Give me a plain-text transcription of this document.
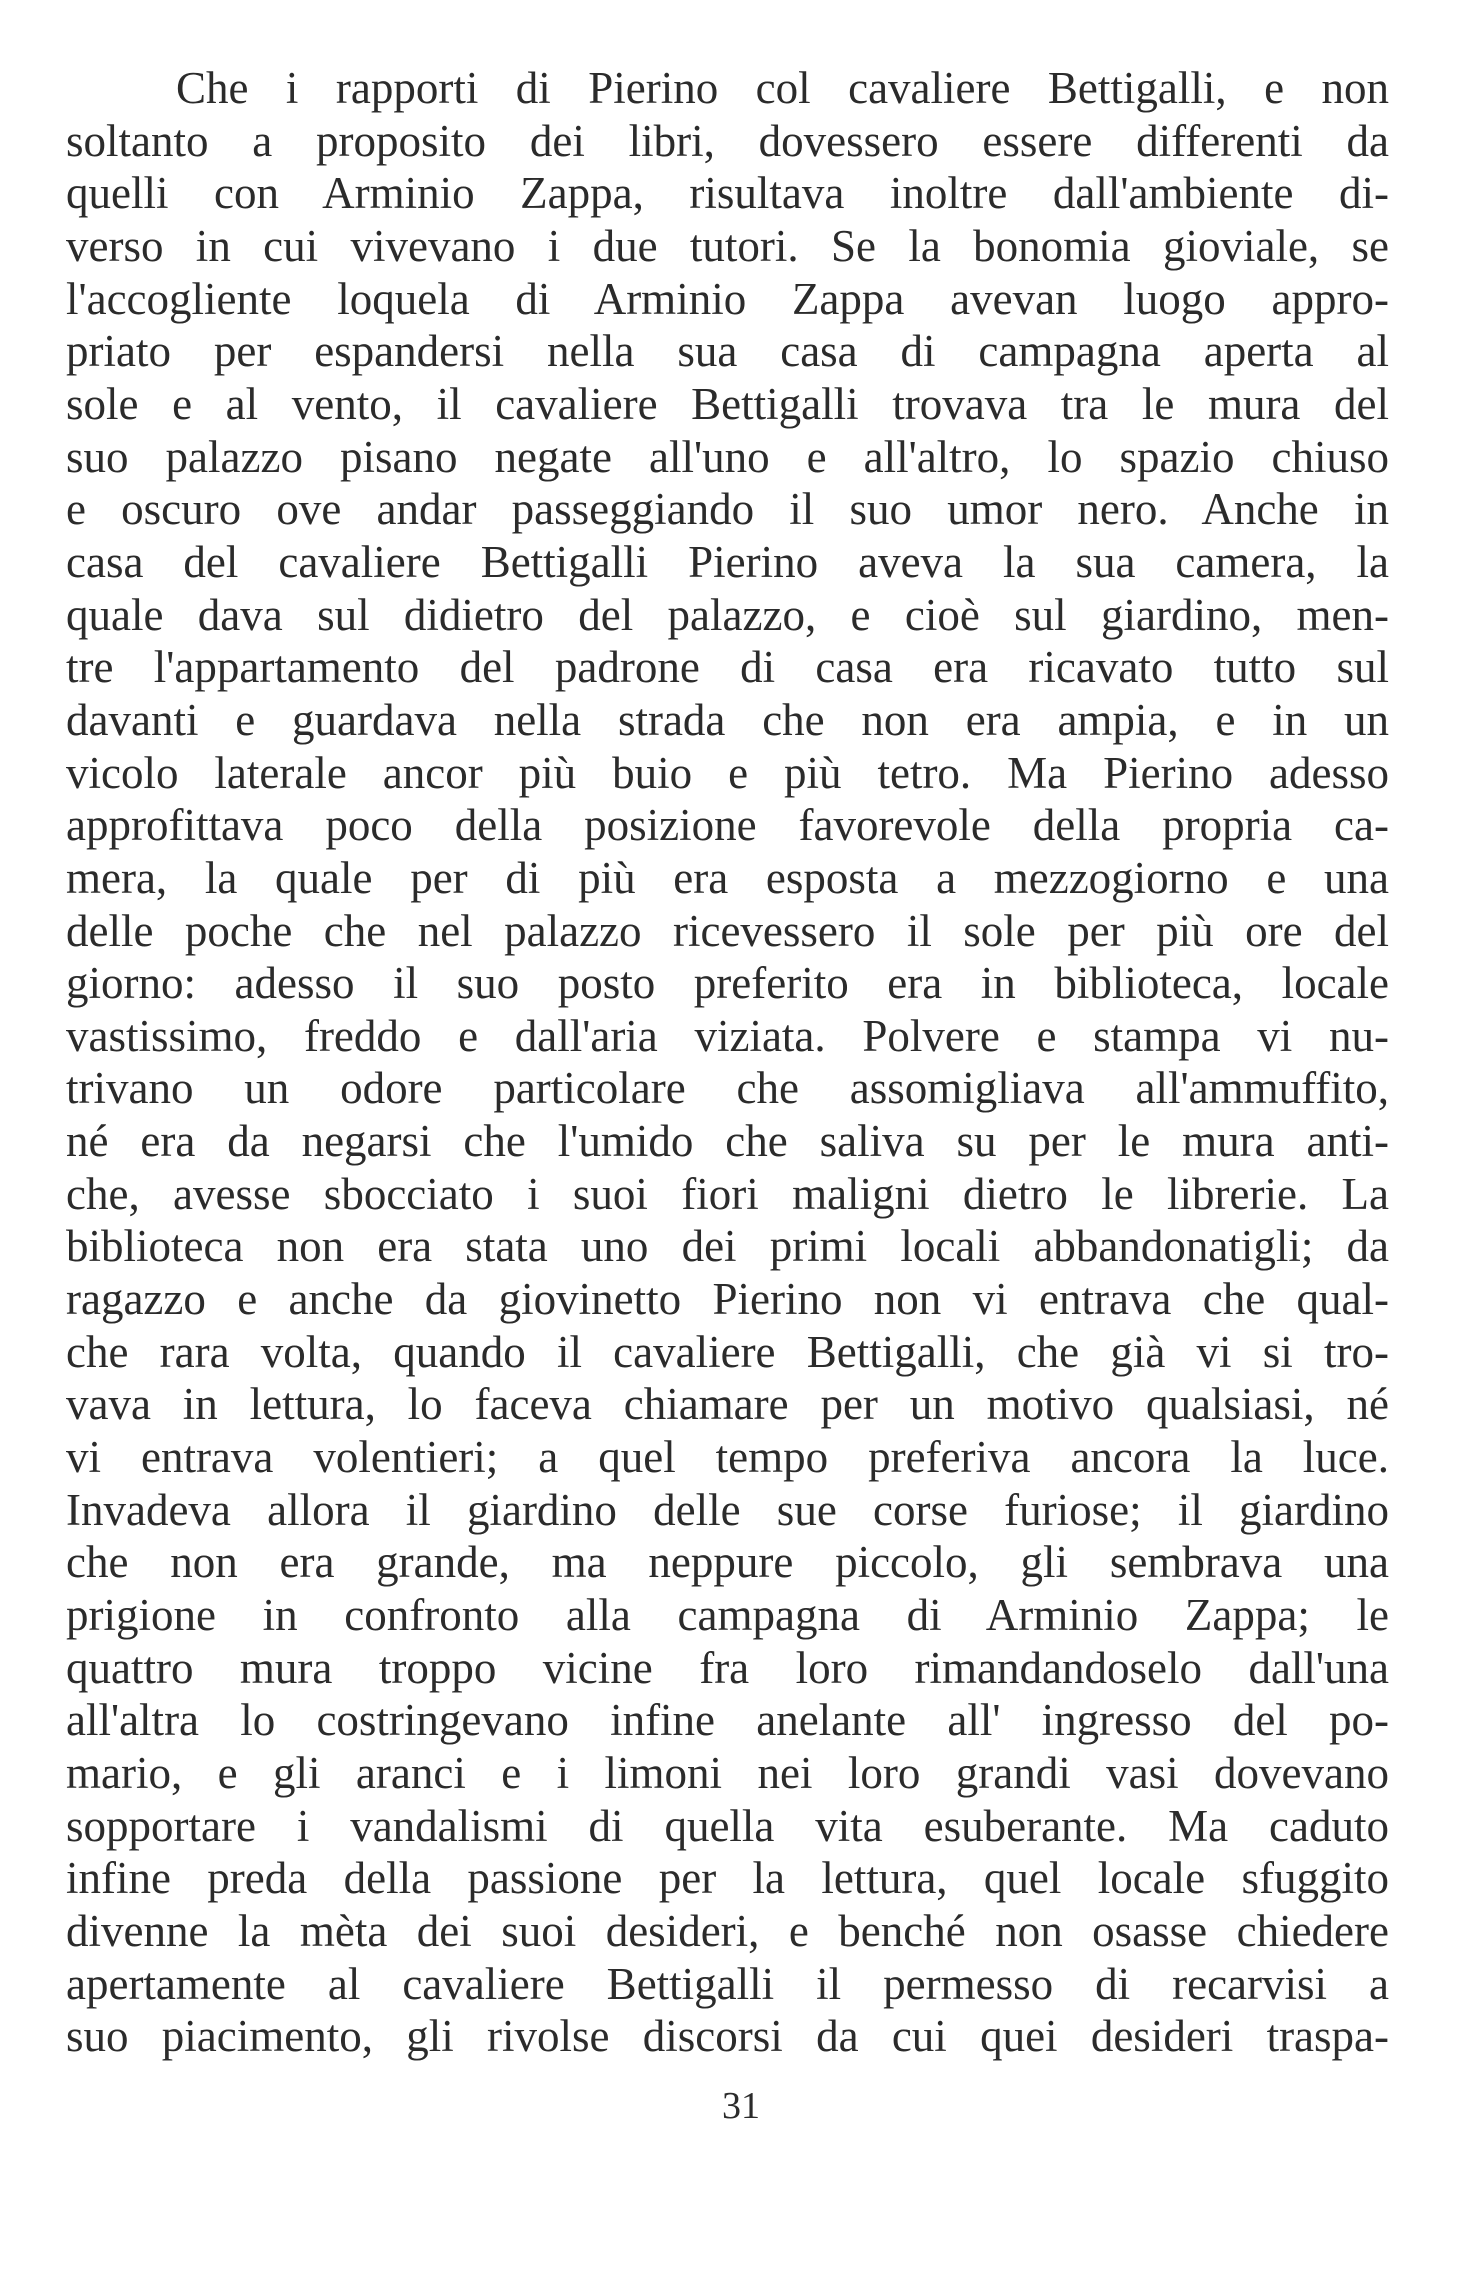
Che i rapporti di Pierino col cavaliere Bettigalli, e non
soltanto a proposito dei libri, dovessero essere differenti da
quelli con Arminio Zappa, risultava inoltre dall'ambiente di-
verso in cui vivevano i due tutori. Se la bonomia gioviale, se
l'accogliente loquela di Arminio Zappa avevan luogo appro-
priato per espandersi nella sua casa di campagna aperta al
sole e al vento, il cavaliere Bettigalli trovava tra le mura del
suo palazzo pisano negate all'uno e all'altro, lo spazio chiuso
e oscuro ove andar passeggiando il suo umor nero. Anche in
casa del cavaliere Bettigalli Pierino aveva la sua camera, la
quale dava sul didietro del palazzo, e cioè sul giardino, men-
tre l'appartamento del padrone di casa era ricavato tutto sul
davanti e guardava nella strada che non era ampia, e in un
vicolo laterale ancor più buio e più tetro. Ma Pierino adesso
approfittava poco della posizione favorevole della propria ca-
mera, la quale per di più era esposta a mezzogiorno e una
delle poche che nel palazzo ricevessero il sole per più ore del
giorno: adesso il suo posto preferito era in biblioteca, locale
vastissimo, freddo e dall'aria viziata. Polvere e stampa vi nu-
trivano un odore particolare che assomigliava all'ammuffito,
né era da negarsi che l'umido che saliva su per le mura anti-
che, avesse sbocciato i suoi fiori maligni dietro le librerie. La
biblioteca non era stata uno dei primi locali abbandonatigli; da
ragazzo e anche da giovinetto Pierino non vi entrava che qual-
che rara volta, quando il cavaliere Bettigalli, che già vi si tro-
vava in lettura, lo faceva chiamare per un motivo qualsiasi, né
vi entrava volentieri; a quel tempo preferiva ancora la luce.
Invadeva allora il giardino delle sue corse furiose; il giardino
che non era grande, ma neppure piccolo, gli sembrava una
prigione in confronto alla campagna di Arminio Zappa; le
quattro mura troppo vicine fra loro rimandandoselo dall'una
all'altra lo costringevano infine anelante all' ingresso del po-
mario, e gli aranci e i limoni nei loro grandi vasi dovevano
sopportare i vandalismi di quella vita esuberante. Ma caduto
infine preda della passione per la lettura, quel locale sfuggito
divenne la mèta dei suoi desideri, e benché non osasse chiedere
apertamente al cavaliere Bettigalli il permesso di recarvisi a
suo piacimento, gli rivolse discorsi da cui quei desideri traspa-
31
